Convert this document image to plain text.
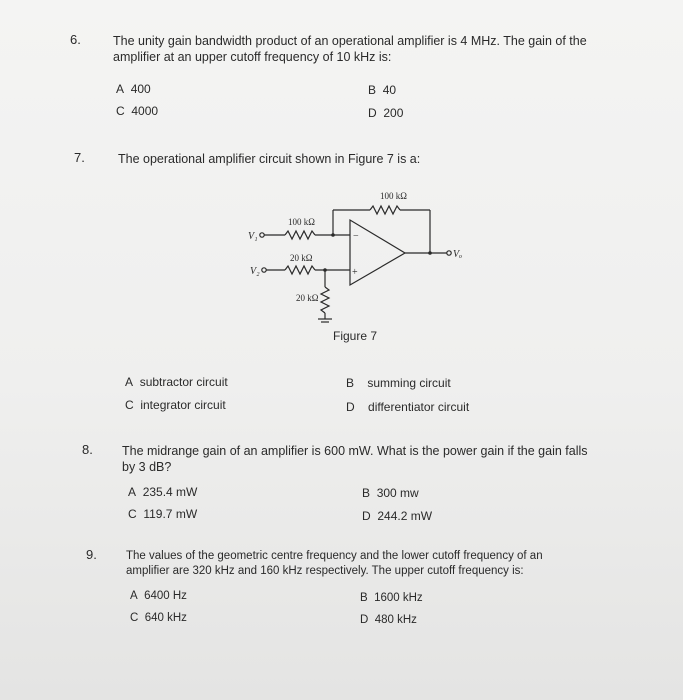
6.	The unity gain bandwidth product of an operational amplifier is 4 MHz. The gain of the amplifier at an upper cutoff frequency of 10 kHz is:
A 400	B 40
C 4000	D 200
7.	The operational amplifier circuit shown in Figure 7 is a:
100 kΩ
100 kΩ
20 kΩ
20 kΩ
V₁
V₂
Vₒ
−
+
Figure 7
A subtractor circuit	B summing circuit
C integrator circuit	D differentiator circuit
8. The midrange gain of an amplifier is 600 mW. What is the power gain if the gain falls by 3 dB?
A 235.4 mW	B 300 mw
C 119.7 mW	D 244.2 mW
9.	The values of the geometric centre frequency and the lower cutoff frequency of an amplifier are 320 kHz and 160 kHz respectively. The upper cutoff frequency is:
A 6400 Hz	B 1600 kHz
C 640 kHz	D 480 kHz
